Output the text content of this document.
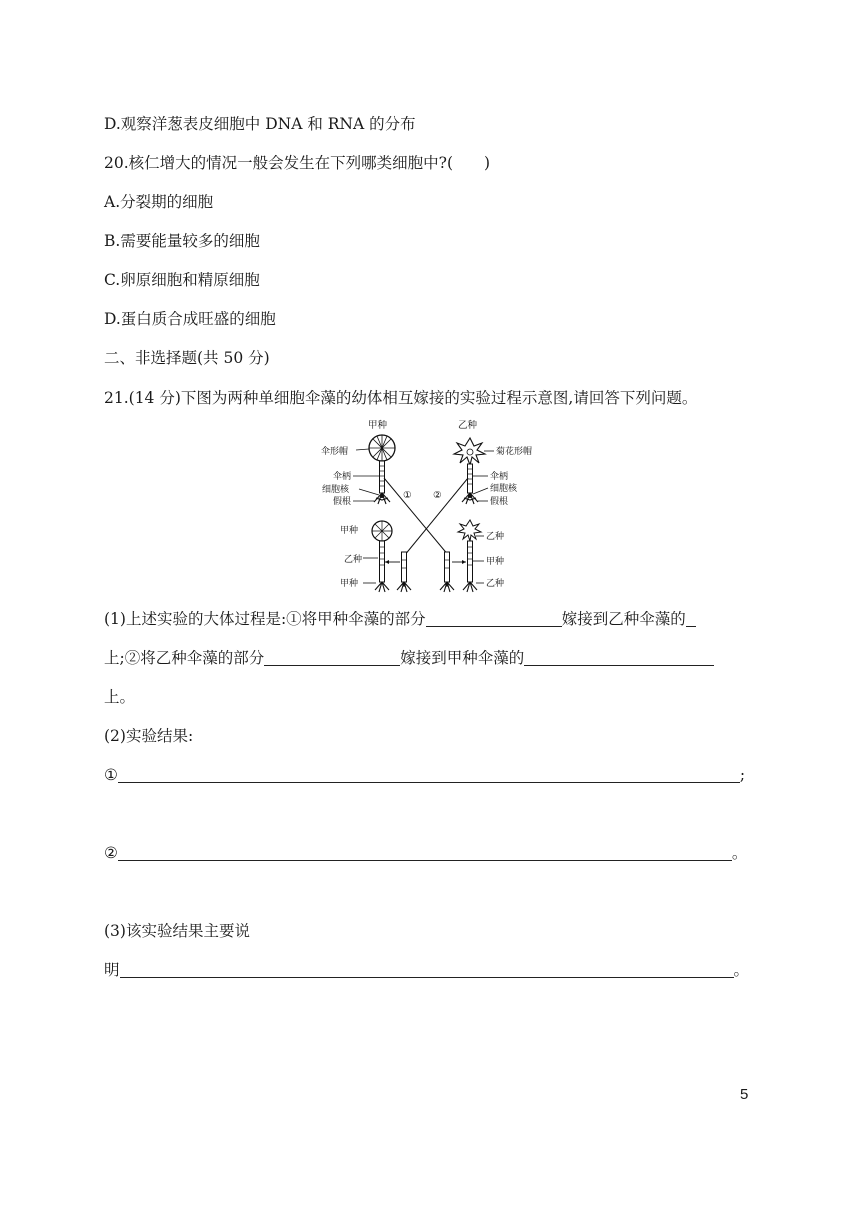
D.观察洋葱表皮细胞中 DNA 和 RNA 的分布
20.核仁增大的情况一般会发生在下列哪类细胞中?(　　)
A.分裂期的细胞
B.需要能量较多的细胞
C.卵原细胞和精原细胞
D.蛋白质合成旺盛的细胞
二、非选择题(共 50 分)
21.(14 分)下图为两种单细胞伞藻的幼体相互嫁接的实验过程示意图,请回答下列问题。
甲种
伞形帽
伞柄
细胞核
假根
乙种
菊花形帽
伞柄
细胞核
假根
① ②
甲种
乙种
甲种
乙种
甲种
乙种
(1)上述实验的大体过程是:①将甲种伞藻的部分	嫁接到乙种伞藻的
上;②将乙种伞藻的部分	嫁接到甲种伞藻的
上。
(2)实验结果:
①	;
②	。
(3)该实验结果主要说
明	。
5
